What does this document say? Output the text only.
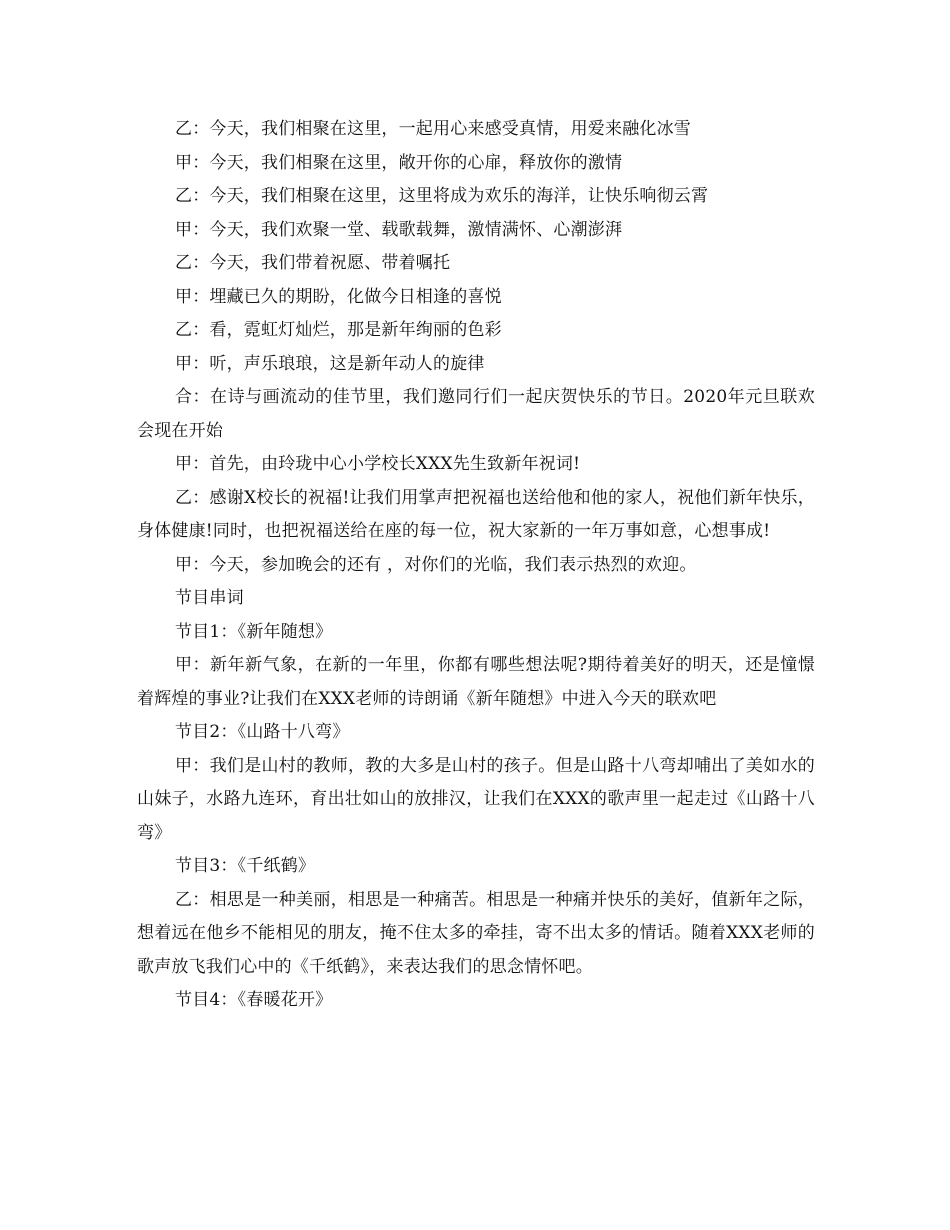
乙：今天，我们相聚在这里，一起用心来感受真情，用爱来融化冰雪

甲：今天，我们相聚在这里，敞开你的心扉，释放你的激情

乙：今天，我们相聚在这里，这里将成为欢乐的海洋，让快乐响彻云霄

甲：今天，我们欢聚一堂、载歌载舞，激情满怀、心潮澎湃

乙：今天，我们带着祝愿、带着嘱托

甲：埋藏已久的期盼，化做今日相逢的喜悦

乙：看，霓虹灯灿烂，那是新年绚丽的色彩

甲：听，声乐琅琅，这是新年动人的旋律

合：在诗与画流动的佳节里，我们邀同行们一起庆贺快乐的节日。2020年元旦联欢会现在开始

甲：首先，由玲珑中心小学校长XXX先生致新年祝词!

乙：感谢X校长的祝福!让我们用掌声把祝福也送给他和他的家人，祝他们新年快乐，身体健康!同时，也把祝福送给在座的每一位，祝大家新的一年万事如意，心想事成!

甲：今天，参加晚会的还有 ，对你们的光临，我们表示热烈的欢迎。

节目串词

节目1：《新年随想》

甲：新年新气象，在新的一年里，你都有哪些想法呢?期待着美好的明天，还是憧憬着辉煌的事业?让我们在XXX老师的诗朗诵《新年随想》中进入今天的联欢吧

节目2：《山路十八弯》

甲：我们是山村的教师，教的大多是山村的孩子。但是山路十八弯却哺出了美如水的山妹子，水路九连环，育出壮如山的放排汉，让我们在XXX的歌声里一起走过《山路十八弯》

节目3：《千纸鹤》

乙：相思是一种美丽，相思是一种痛苦。相思是一种痛并快乐的美好，值新年之际，想着远在他乡不能相见的朋友，掩不住太多的牵挂，寄不出太多的情话。随着XXX老师的歌声放飞我们心中的《千纸鹤》，来表达我们的思念情怀吧。

节目4：《春暖花开》
